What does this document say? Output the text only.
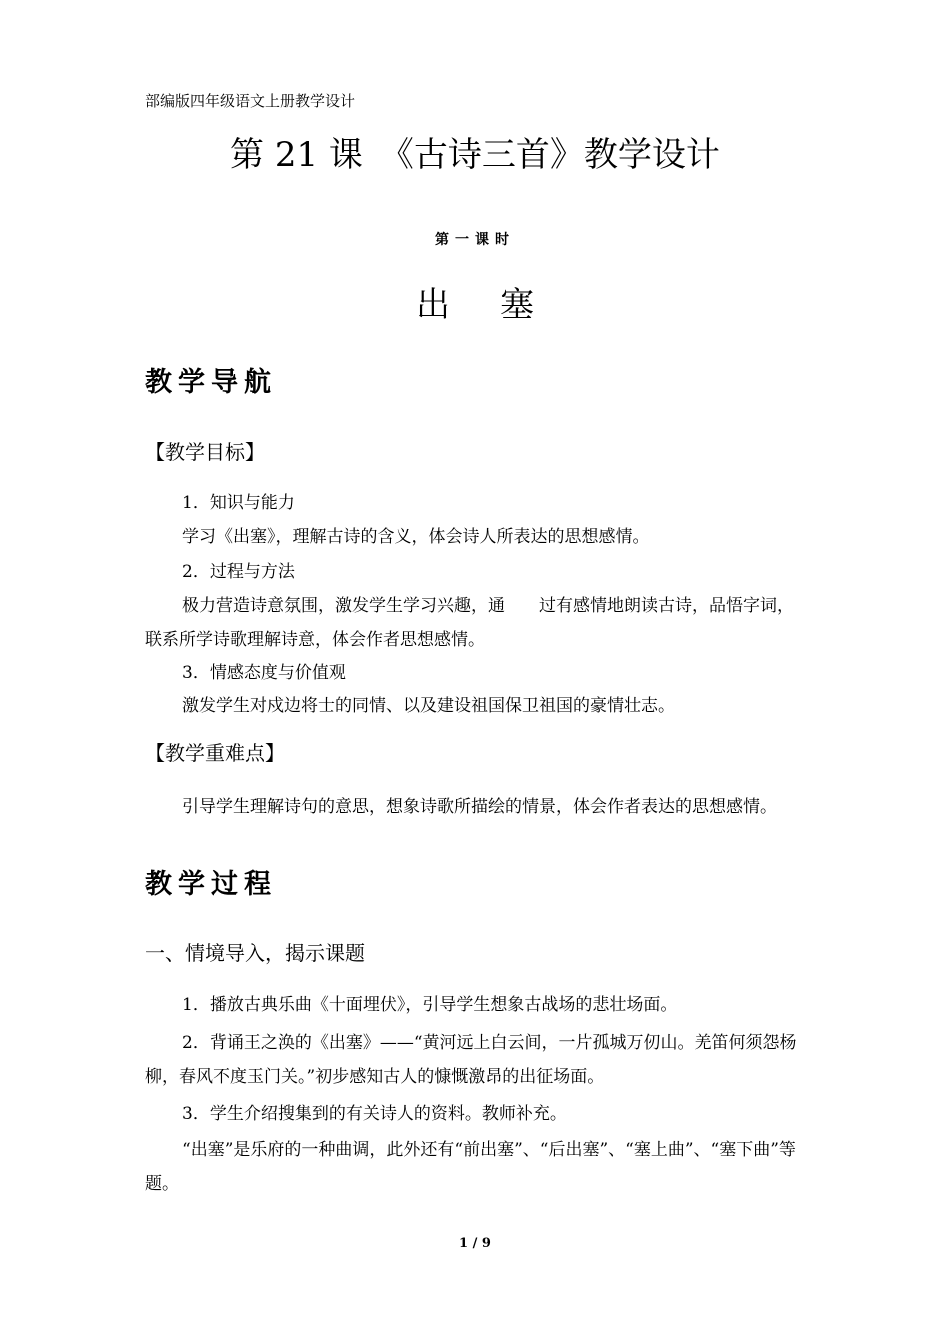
部编版四年级语文上册教学设计
第 21 课　《古诗三首》教学设计
第一课时
出塞
教学导航
【教学目标】
1．知识与能力
学习《出塞》，理解古诗的含义，体会诗人所表达的思想感情。
2．过程与方法
极力营造诗意氛围，激发学生学习兴趣，通　　过有感情地朗读古诗，品悟字词，联系所学诗歌理解诗意，体会作者思想感情。
3．情感态度与价值观
激发学生对戍边将士的同情、以及建设祖国保卫祖国的豪情壮志。
【教学重难点】
引导学生理解诗句的意思，想象诗歌所描绘的情景，体会作者表达的思想感情。
教学过程
一、情境导入，揭示课题
1．播放古典乐曲《十面埋伏》，引导学生想象古战场的悲壮场面。
2．背诵王之涣的《出塞》——“黄河远上白云间，一片孤城万仞山。羌笛何须怨杨柳，春风不度玉门关。”初步感知古人的慷慨激昂的出征场面。
3．学生介绍搜集到的有关诗人的资料。教师补充。
“出塞”是乐府的一种曲调，此外还有“前出塞”、“后出塞”、“塞上曲”、“塞下曲”等题。
1 / 9
